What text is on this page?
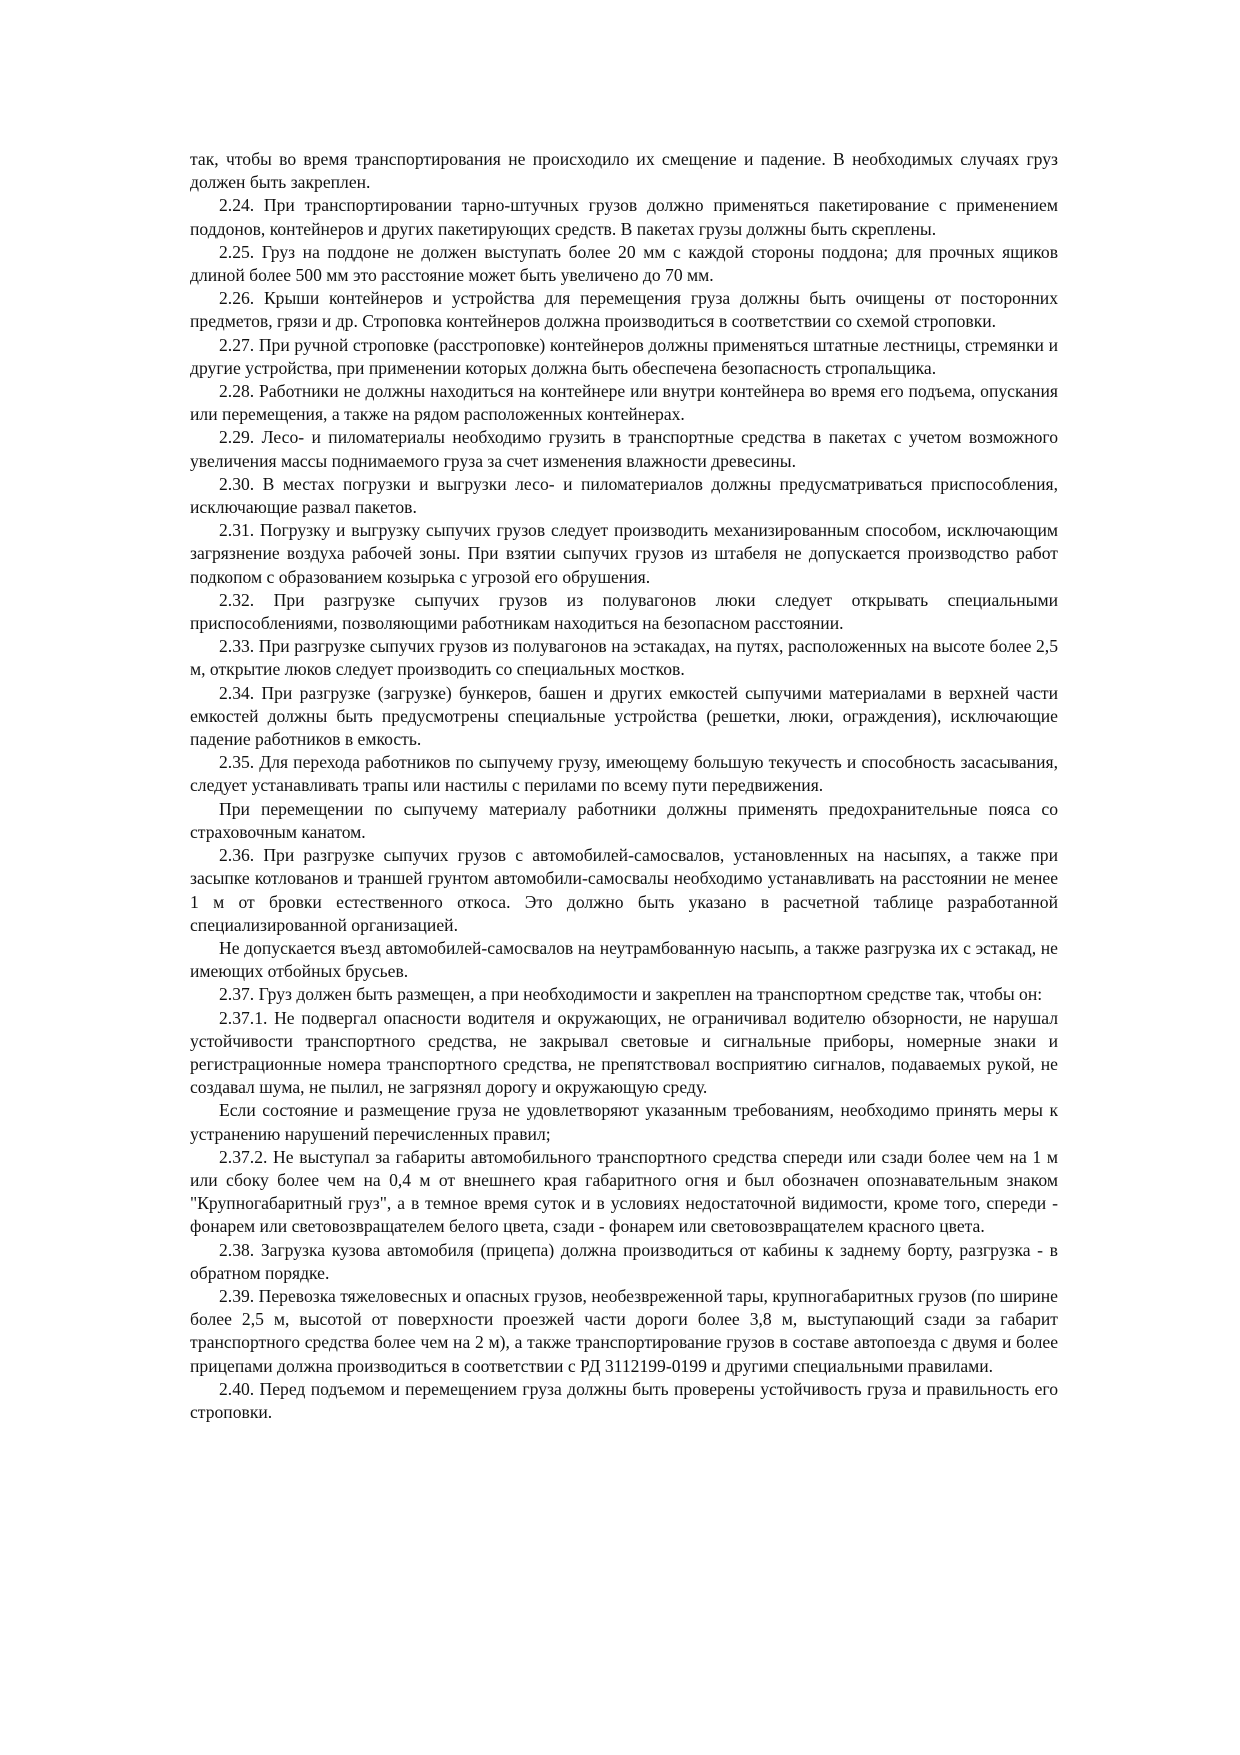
так, чтобы во время транспортирования не происходило их смещение и падение. В необходимых случаях груз должен быть закреплен.

2.24. При транспортировании тарно-штучных грузов должно применяться пакетирование с применением поддонов, контейнеров и других пакетирующих средств. В пакетах грузы должны быть скреплены.

2.25. Груз на поддоне не должен выступать более 20 мм с каждой стороны поддона; для прочных ящиков длиной более 500 мм это расстояние может быть увеличено до 70 мм.

2.26. Крыши контейнеров и устройства для перемещения груза должны быть очищены от посторонних предметов, грязи и др. Строповка контейнеров должна производиться в соответствии со схемой строповки.

2.27. При ручной строповке (расстроповке) контейнеров должны применяться штатные лестницы, стремянки и другие устройства, при применении которых должна быть обеспечена безопасность стропальщика.

2.28. Работники не должны находиться на контейнере или внутри контейнера во время его подъема, опускания или перемещения, а также на рядом расположенных контейнерах.

2.29. Лесо- и пиломатериалы необходимо грузить в транспортные средства в пакетах с учетом возможного увеличения массы поднимаемого груза за счет изменения влажности древесины.

2.30. В местах погрузки и выгрузки лесо- и пиломатериалов должны предусматриваться приспособления, исключающие развал пакетов.

2.31. Погрузку и выгрузку сыпучих грузов следует производить механизированным способом, исключающим загрязнение воздуха рабочей зоны. При взятии сыпучих грузов из штабеля не допускается производство работ подкопом с образованием козырька с угрозой его обрушения.

2.32. При разгрузке сыпучих грузов из полувагонов люки следует открывать специальными приспособлениями, позволяющими работникам находиться на безопасном расстоянии.

2.33. При разгрузке сыпучих грузов из полувагонов на эстакадах, на путях, расположенных на высоте более 2,5 м, открытие люков следует производить со специальных мостков.

2.34. При разгрузке (загрузке) бункеров, башен и других емкостей сыпучими материалами в верхней части емкостей должны быть предусмотрены специальные устройства (решетки, люки, ограждения), исключающие падение работников в емкость.

2.35. Для перехода работников по сыпучему грузу, имеющему большую текучесть и способность засасывания, следует устанавливать трапы или настилы с перилами по всему пути передвижения.

При перемещении по сыпучему материалу работники должны применять предохранительные пояса со страховочным канатом.

2.36. При разгрузке сыпучих грузов с автомобилей-самосвалов, установленных на насыпях, а также при засыпке котлованов и траншей грунтом автомобили-самосвалы необходимо устанавливать на расстоянии не менее 1 м от бровки естественного откоса. Это должно быть указано в расчетной таблице разработанной специализированной организацией.

Не допускается въезд автомобилей-самосвалов на неутрамбованную насыпь, а также разгрузка их с эстакад, не имеющих отбойных брусьев.

2.37. Груз должен быть размещен, а при необходимости и закреплен на транспортном средстве так, чтобы он:

2.37.1. Не подвергал опасности водителя и окружающих, не ограничивал водителю обзорности, не нарушал устойчивости транспортного средства, не закрывал световые и сигнальные приборы, номерные знаки и регистрационные номера транспортного средства, не препятствовал восприятию сигналов, подаваемых рукой, не создавал шума, не пылил, не загрязнял дорогу и окружающую среду.

Если состояние и размещение груза не удовлетворяют указанным требованиям, необходимо принять меры к устранению нарушений перечисленных правил;

2.37.2. Не выступал за габариты автомобильного транспортного средства спереди или сзади более чем на 1 м или сбоку более чем на 0,4 м от внешнего края габаритного огня и был обозначен опознавательным знаком "Крупногабаритный груз", а в темное время суток и в условиях недостаточной видимости, кроме того, спереди - фонарем или световозвращателем белого цвета, сзади - фонарем или световозвращателем красного цвета.

2.38. Загрузка кузова автомобиля (прицепа) должна производиться от кабины к заднему борту, разгрузка - в обратном порядке.

2.39. Перевозка тяжеловесных и опасных грузов, необезвреженной тары, крупногабаритных грузов (по ширине более 2,5 м, высотой от поверхности проезжей части дороги более 3,8 м, выступающий сзади за габарит транспортного средства более чем на 2 м), а также транспортирование грузов в составе автопоезда с двумя и более прицепами должна производиться в соответствии с РД 3112199-0199 и другими специальными правилами.

2.40. Перед подъемом и перемещением груза должны быть проверены устойчивость груза и правильность его строповки.
